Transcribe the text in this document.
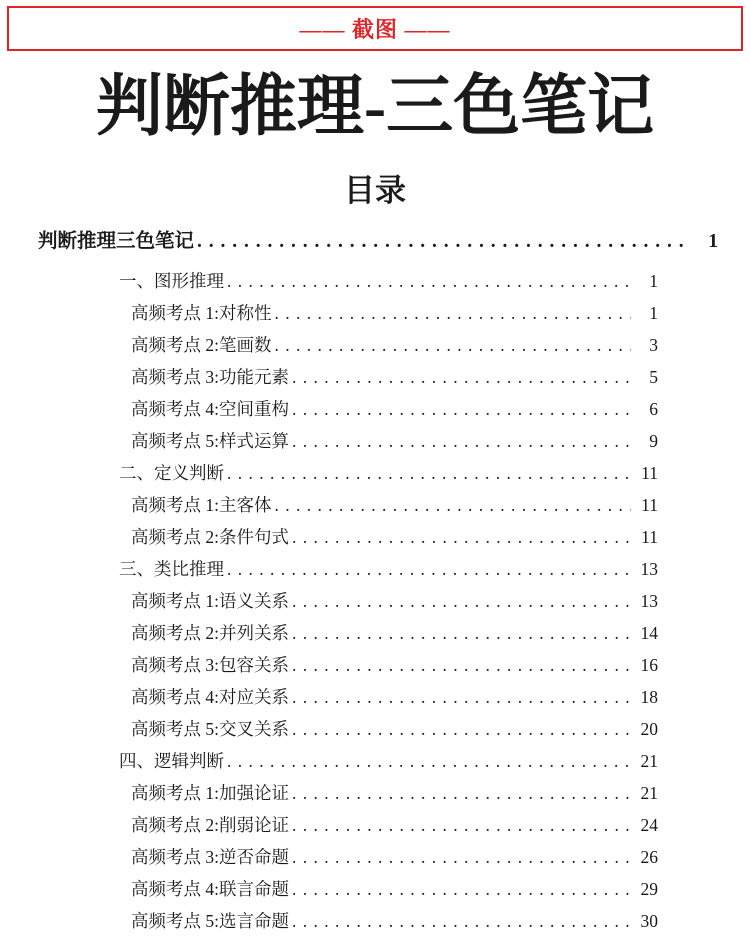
—— 截图 ——
判断推理-三色笔记
目录
判断推理三色笔记 . . .	1
一、图形推理 . . .	1
高频考点 1:对称性 . . .	1
高频考点 2:笔画数 . . .	3
高频考点 3:功能元素 . . .	5
高频考点 4:空间重构 . . .	6
高频考点 5:样式运算 . . .	9
二、定义判断 . . .	11
高频考点 1:主客体 . . .	11
高频考点 2:条件句式 . . .	11
三、类比推理 . . .	13
高频考点 1:语义关系 . . .	13
高频考点 2:并列关系 . . .	14
高频考点 3:包容关系 . . .	16
高频考点 4:对应关系 . . .	18
高频考点 5:交叉关系 . . .	20
四、逻辑判断 . . .	21
高频考点 1:加强论证 . . .	21
高频考点 2:削弱论证 . . .	24
高频考点 3:逆否命题 . . .	26
高频考点 4:联言命题 . . .	29
高频考点 5:选言命题 . . .	30
